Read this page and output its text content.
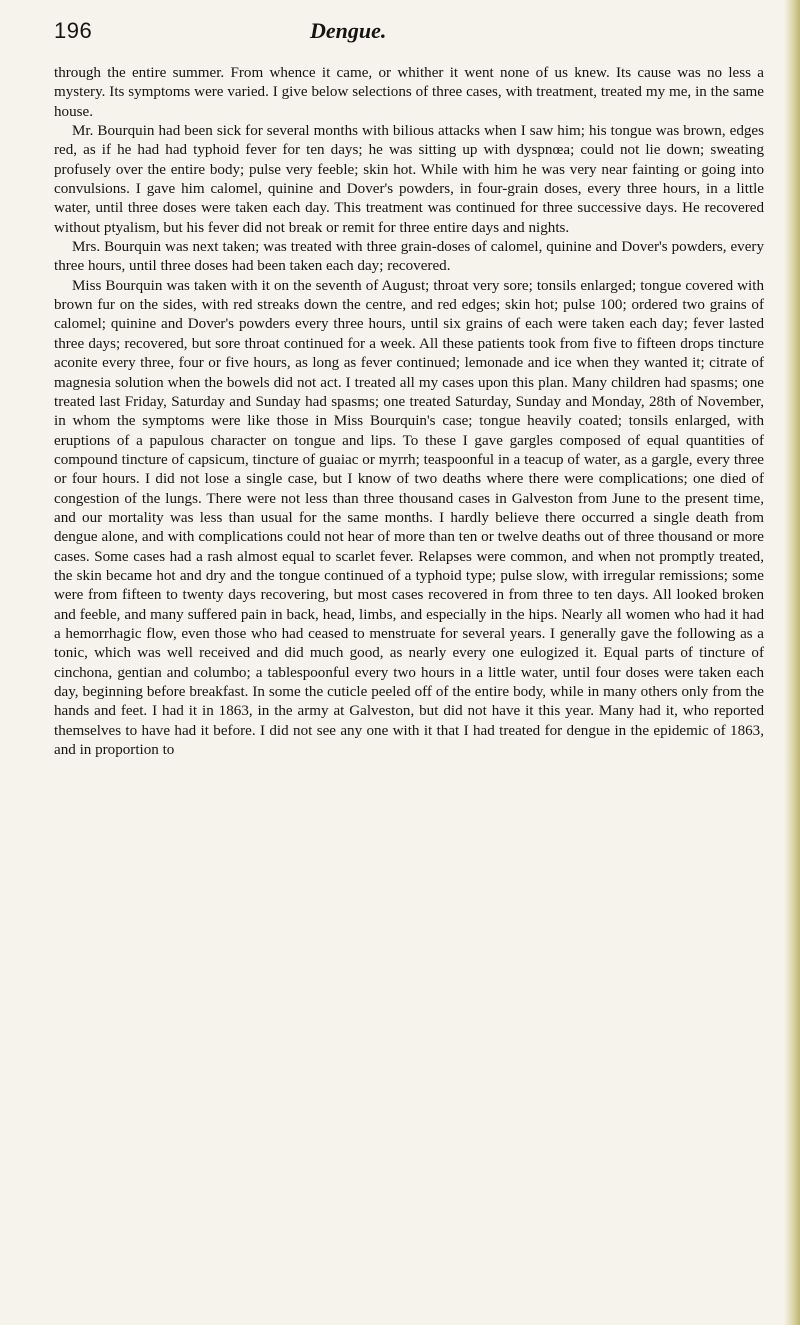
196	Dengue.

through the entire summer. From whence it came, or whither it went none of us knew. Its cause was no less a mystery. Its symptoms were varied. I give below selections of three cases, with treatment, treated my me, in the same house.

Mr. Bourquin had been sick for several months with bilious attacks when I saw him; his tongue was brown, edges red, as if he had had typhoid fever for ten days; he was sitting up with dyspnœa; could not lie down; sweating profusely over the entire body; pulse very feeble; skin hot. While with him he was very near fainting or going into convulsions. I gave him calomel, quinine and Dover's powders, in four-grain doses, every three hours, in a little water, until three doses were taken each day. This treatment was continued for three successive days. He recovered without ptyalism, but his fever did not break or remit for three entire days and nights.

Mrs. Bourquin was next taken; was treated with three grain-doses of calomel, quinine and Dover's powders, every three hours, until three doses had been taken each day; recovered.

Miss Bourquin was taken with it on the seventh of August; throat very sore; tonsils enlarged; tongue covered with brown fur on the sides, with red streaks down the centre, and red edges; skin hot; pulse 100; ordered two grains of calomel; quinine and Dover's powders every three hours, until six grains of each were taken each day; fever lasted three days; recovered, but sore throat continued for a week. All these patients took from five to fifteen drops tincture aconite every three, four or five hours, as long as fever continued; lemonade and ice when they wanted it; citrate of magnesia solution when the bowels did not act. I treated all my cases upon this plan. Many children had spasms; one treated last Friday, Saturday and Sunday had spasms; one treated Saturday, Sunday and Monday, 28th of November, in whom the symptoms were like those in Miss Bourquin's case; tongue heavily coated; tonsils enlarged, with eruptions of a papulous character on tongue and lips. To these I gave gargles composed of equal quantities of compound tincture of capsicum, tincture of guaiac or myrrh; teaspoonful in a teacup of water, as a gargle, every three or four hours. I did not lose a single case, but I know of two deaths where there were complications; one died of congestion of the lungs. There were not less than three thousand cases in Galveston from June to the present time, and our mortality was less than usual for the same months. I hardly believe there occurred a single death from dengue alone, and with complications could not hear of more than ten or twelve deaths out of three thousand or more cases. Some cases had a rash almost equal to scarlet fever. Relapses were common, and when not promptly treated, the skin became hot and dry and the tongue continued of a typhoid type; pulse slow, with irregular remissions; some were from fifteen to twenty days recovering, but most cases recovered in from three to ten days. All looked broken and feeble, and many suffered pain in back, head, limbs, and especially in the hips. Nearly all women who had it had a hemorrhagic flow, even those who had ceased to menstruate for several years. I generally gave the following as a tonic, which was well received and did much good, as nearly every one eulogized it. Equal parts of tincture of cinchona, gentian and columbo; a tablespoonful every two hours in a little water, until four doses were taken each day, beginning before breakfast. In some the cuticle peeled off of the entire body, while in many others only from the hands and feet. I had it in 1863, in the army at Galveston, but did not have it this year. Many had it, who reported themselves to have had it before. I did not see any one with it that I had treated for dengue in the epidemic of 1863, and in proportion to
